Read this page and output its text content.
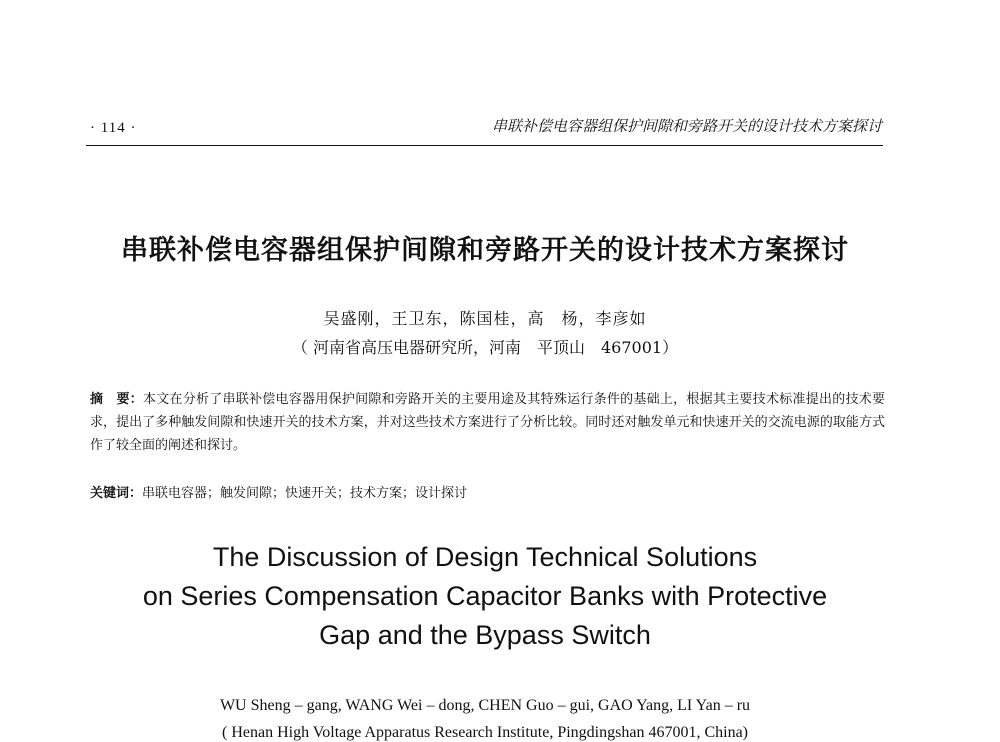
· 114 ·	串联补偿电容器组保护间隙和旁路开关的设计技术方案探讨
串联补偿电容器组保护间隙和旁路开关的设计技术方案探讨
吴盛刚，王卫东，陈国桂，高　杨，李彦如
（ 河南省高压电器研究所，河南　平顶山　467001）
摘　要：本文在分析了串联补偿电容器用保护间隙和旁路开关的主要用途及其特殊运行条件的基础上，根据其主要技术标准提出的技术要求，提出了多种触发间隙和快速开关的技术方案，并对这些技术方案进行了分析比较。同时还对触发单元和快速开关的交流电源的取能方式作了较全面的阐述和探讨。
关键词：串联电容器；触发间隙；快速开关；技术方案；设计探讨
The Discussion of Design Technical Solutions
on Series Compensation Capacitor Banks with Protective
Gap and the Bypass Switch
WU Sheng – gang, WANG Wei – dong, CHEN Guo – gui, GAO Yang, LI Yan – ru
( Henan High Voltage Apparatus Research Institute, Pingdingshan 467001, China)
